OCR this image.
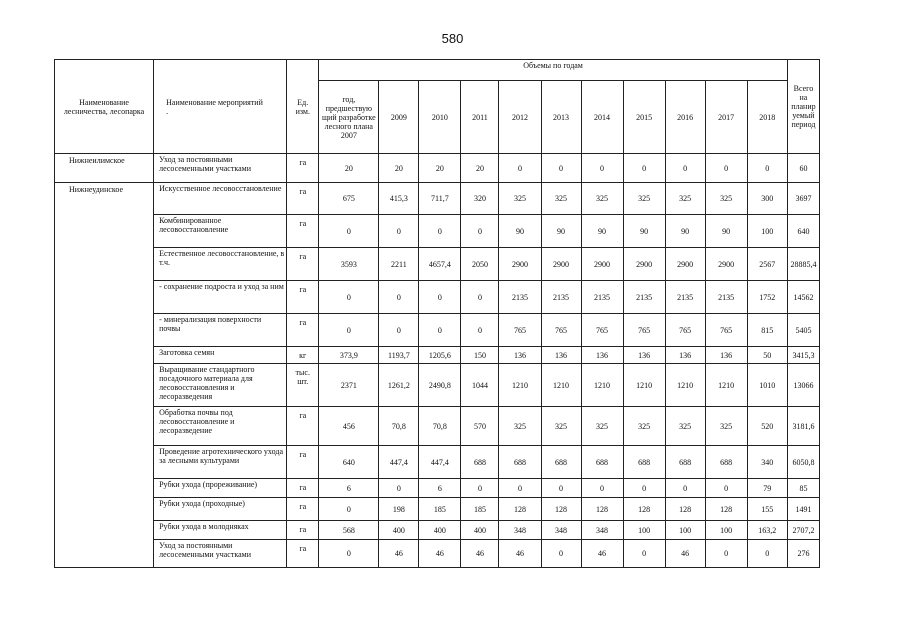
580
Наименование лесничества, лесопарка	Наименование мероприятий
.	Ед. изм.	Объемы по годам											Всего на планир уемый период
			год, предшествую щий разработке лесного плана 2007	2009	2010	2011	2012	2013	2014	2015	2016	2017	2018	
Нижнеилимское	Уход за постоянными лесосеменными участками	га	20	20	20	20	0	0	0	0	0	0	0	60
Нижнеудинское	Искусственное лесовосстановление	га	675	415,3	711,7	320	325	325	325	325	325	325	300	3697
	Комбинированное лесовосстановление	га	0	0	0	0	90	90	90	90	90	90	100	640
	Естественное лесовосстановление, в т.ч.	га	3593	2211	4657,4	2050	2900	2900	2900	2900	2900	2900	2567	28885,4
	- сохранение подроста и уход за ним	га	0	0	0	0	2135	2135	2135	2135	2135	2135	1752	14562
	- минерализация поверхности почвы	га	0	0	0	0	765	765	765	765	765	765	815	5405
	Заготовка семян	кг	373,9	1193,7	1205,6	150	136	136	136	136	136	136	50	3415,3
	Выращивание стандартного посадочного материала для лесовосстановления и лесоразведения	тыс. шт.	2371	1261,2	2490,8	1044	1210	1210	1210	1210	1210	1210	1010	13066
	Обработка почвы под лесовосстановление и лесоразведение	га	456	70,8	70,8	570	325	325	325	325	325	325	520	3181,6
	Проведение агротехнического ухода за лесными культурами	га	640	447,4	447,4	688	688	688	688	688	688	688	340	6050,8
	Рубки ухода (прореживание)	га	6	0	6	0	0	0	0	0	0	0	79	85
	Рубки ухода (проходные)	га	0	198	185	185	128	128	128	128	128	128	155	1491
	Рубки ухода в молодняках	га	568	400	400	400	348	348	348	100	100	100	163,2	2707,2
	Уход за постоянными лесосеменными участками	га	0	46	46	46	46	0	46	0	46	0	0	276
